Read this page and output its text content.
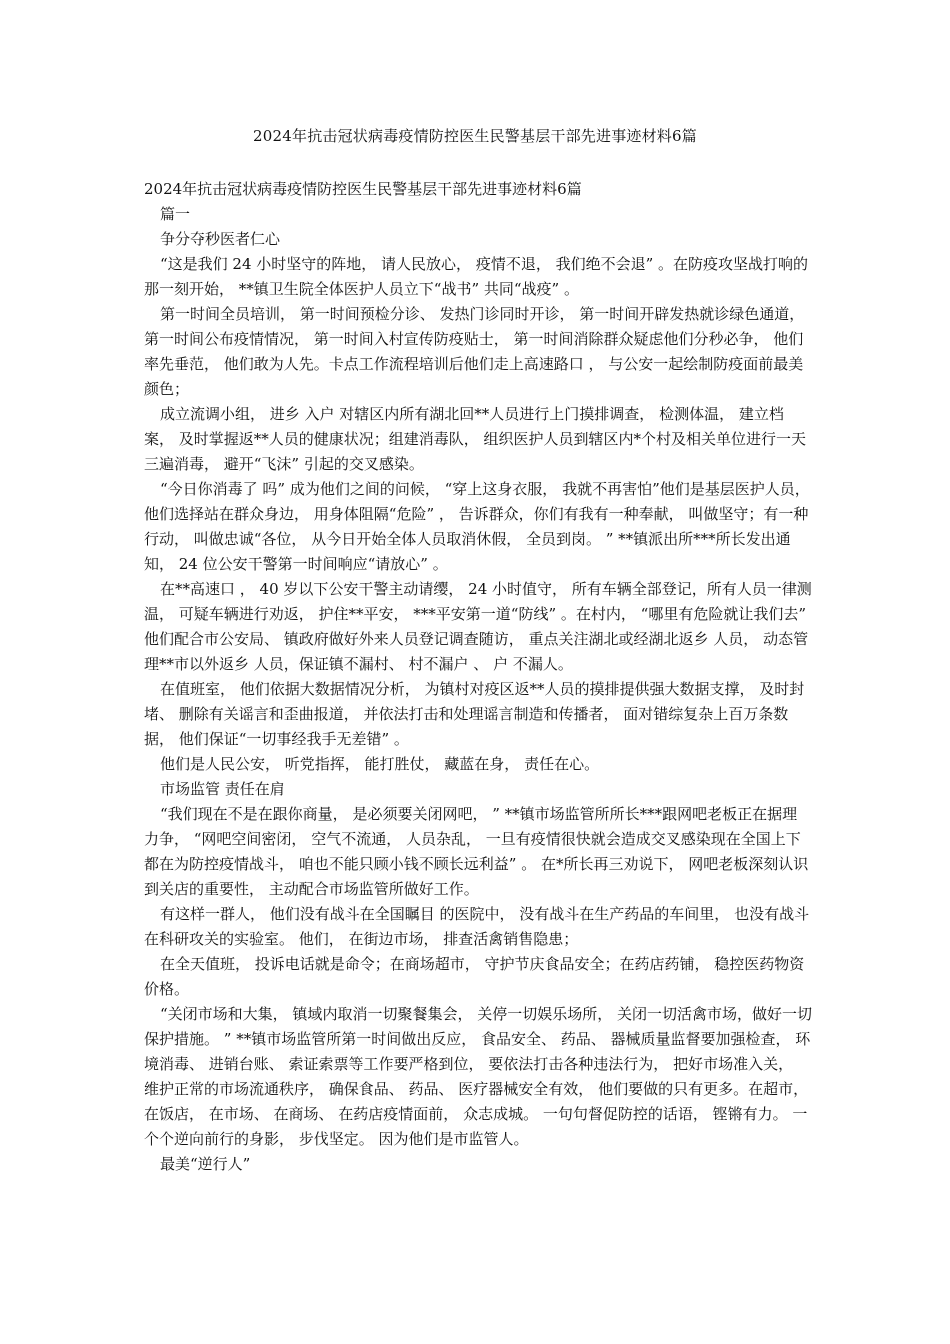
2024年抗击冠状病毒疫情防控医生民警基层干部先进事迹材料6篇

2024年抗击冠状病毒疫情防控医生民警基层干部先进事迹材料6篇

篇一

争分夺秒医者仁心

“这是我们 24 小时坚守的阵地， 请人民放心， 疫情不退， 我们绝不会退” 。在防疫攻坚战打响的那一刻开始， **镇卫生院全体医护人员立下“战书” 共同“战疫” 。

第一时间全员培训， 第一时间预检分诊、 发热门诊同时开诊， 第一时间开辟发热就诊绿色通道， 第一时间公布疫情情况， 第一时间入村宣传防疫贴士， 第一时间消除群众疑虑他们分秒必争， 他们率先垂范， 他们敢为人先。卡点工作流程培训后他们走上高速路口 ， 与公安一起绘制防疫面前最美颜色；

成立流调小组， 进乡 入户 对辖区内所有湖北回**人员进行上门摸排调查， 检测体温， 建立档案， 及时掌握返**人员的健康状况；组建消毒队， 组织医护人员到辖区内*个村及相关单位进行一天三遍消毒， 避开“飞沫” 引起的交叉感染。

“今日你消毒了 吗” 成为他们之间的问候， “穿上这身衣服， 我就不再害怕”他们是基层医护人员， 他们选择站在群众身边， 用身体阻隔“危险” ， 告诉群众，你们有我有一种奉献， 叫做坚守；有一种行动， 叫做忠诚“各位， 从今日开始全体人员取消休假， 全员到岗。 ” **镇派出所***所长发出通知， 24 位公安干警第一时间响应“请放心” 。

在**高速口 ， 40 岁以下公安干警主动请缨， 24 小时值守， 所有车辆全部登记，所有人员一律测温， 可疑车辆进行劝返， 护住**平安， ***平安第一道“防线” 。在村内， “哪里有危险就让我们去” 他们配合市公安局、 镇政府做好外来人员登记调查随访， 重点关注湖北或经湖北返乡 人员， 动态管理**市以外返乡 人员，保证镇不漏村、 村不漏户 、 户 不漏人。

在值班室， 他们依据大数据情况分析， 为镇村对疫区返**人员的摸排提供强大数据支撑， 及时封堵、 删除有关谣言和歪曲报道， 并依法打击和处理谣言制造和传播者， 面对错综复杂上百万条数据， 他们保证“一切事经我手无差错” 。

他们是人民公安， 听党指挥， 能打胜仗， 藏蓝在身， 责任在心。

市场监管 责任在肩

“我们现在不是在跟你商量， 是必须要关闭网吧， ” **镇市场监管所所长***跟网吧老板正在据理力争， “网吧空间密闭， 空气不流通， 人员杂乱， 一旦有疫情很快就会造成交叉感染现在全国上下都在为防控疫情战斗， 咱也不能只顾小钱不顾长远利益” 。 在*所长再三劝说下， 网吧老板深刻认识到关店的重要性， 主动配合市场监管所做好工作。

有这样一群人， 他们没有战斗在全国瞩目 的医院中， 没有战斗在生产药品的车间里， 也没有战斗在科研攻关的实验室。 他们， 在街边市场， 排查活禽销售隐患；

在全天值班， 投诉电话就是命令；在商场超市， 守护节庆食品安全；在药店药铺， 稳控医药物资价格。

“关闭市场和大集， 镇域内取消一切聚餐集会， 关停一切娱乐场所， 关闭一切活禽市场，做好一切保护措施。 ” **镇市场监管所第一时间做出反应， 食品安全、 药品、 器械质量监督要加强检查， 环境消毒、 进销台账、 索证索票等工作要严格到位， 要依法打击各种违法行为， 把好市场准入关， 维护正常的市场流通秩序， 确保食品、 药品、 医疗器械安全有效， 他们要做的只有更多。在超市， 在饭店， 在市场、 在商场、 在药店疫情面前， 众志成城。 一句句督促防控的话语， 铿锵有力。 一个个逆向前行的身影， 步伐坚定。 因为他们是市监管人。

最美“逆行人”
